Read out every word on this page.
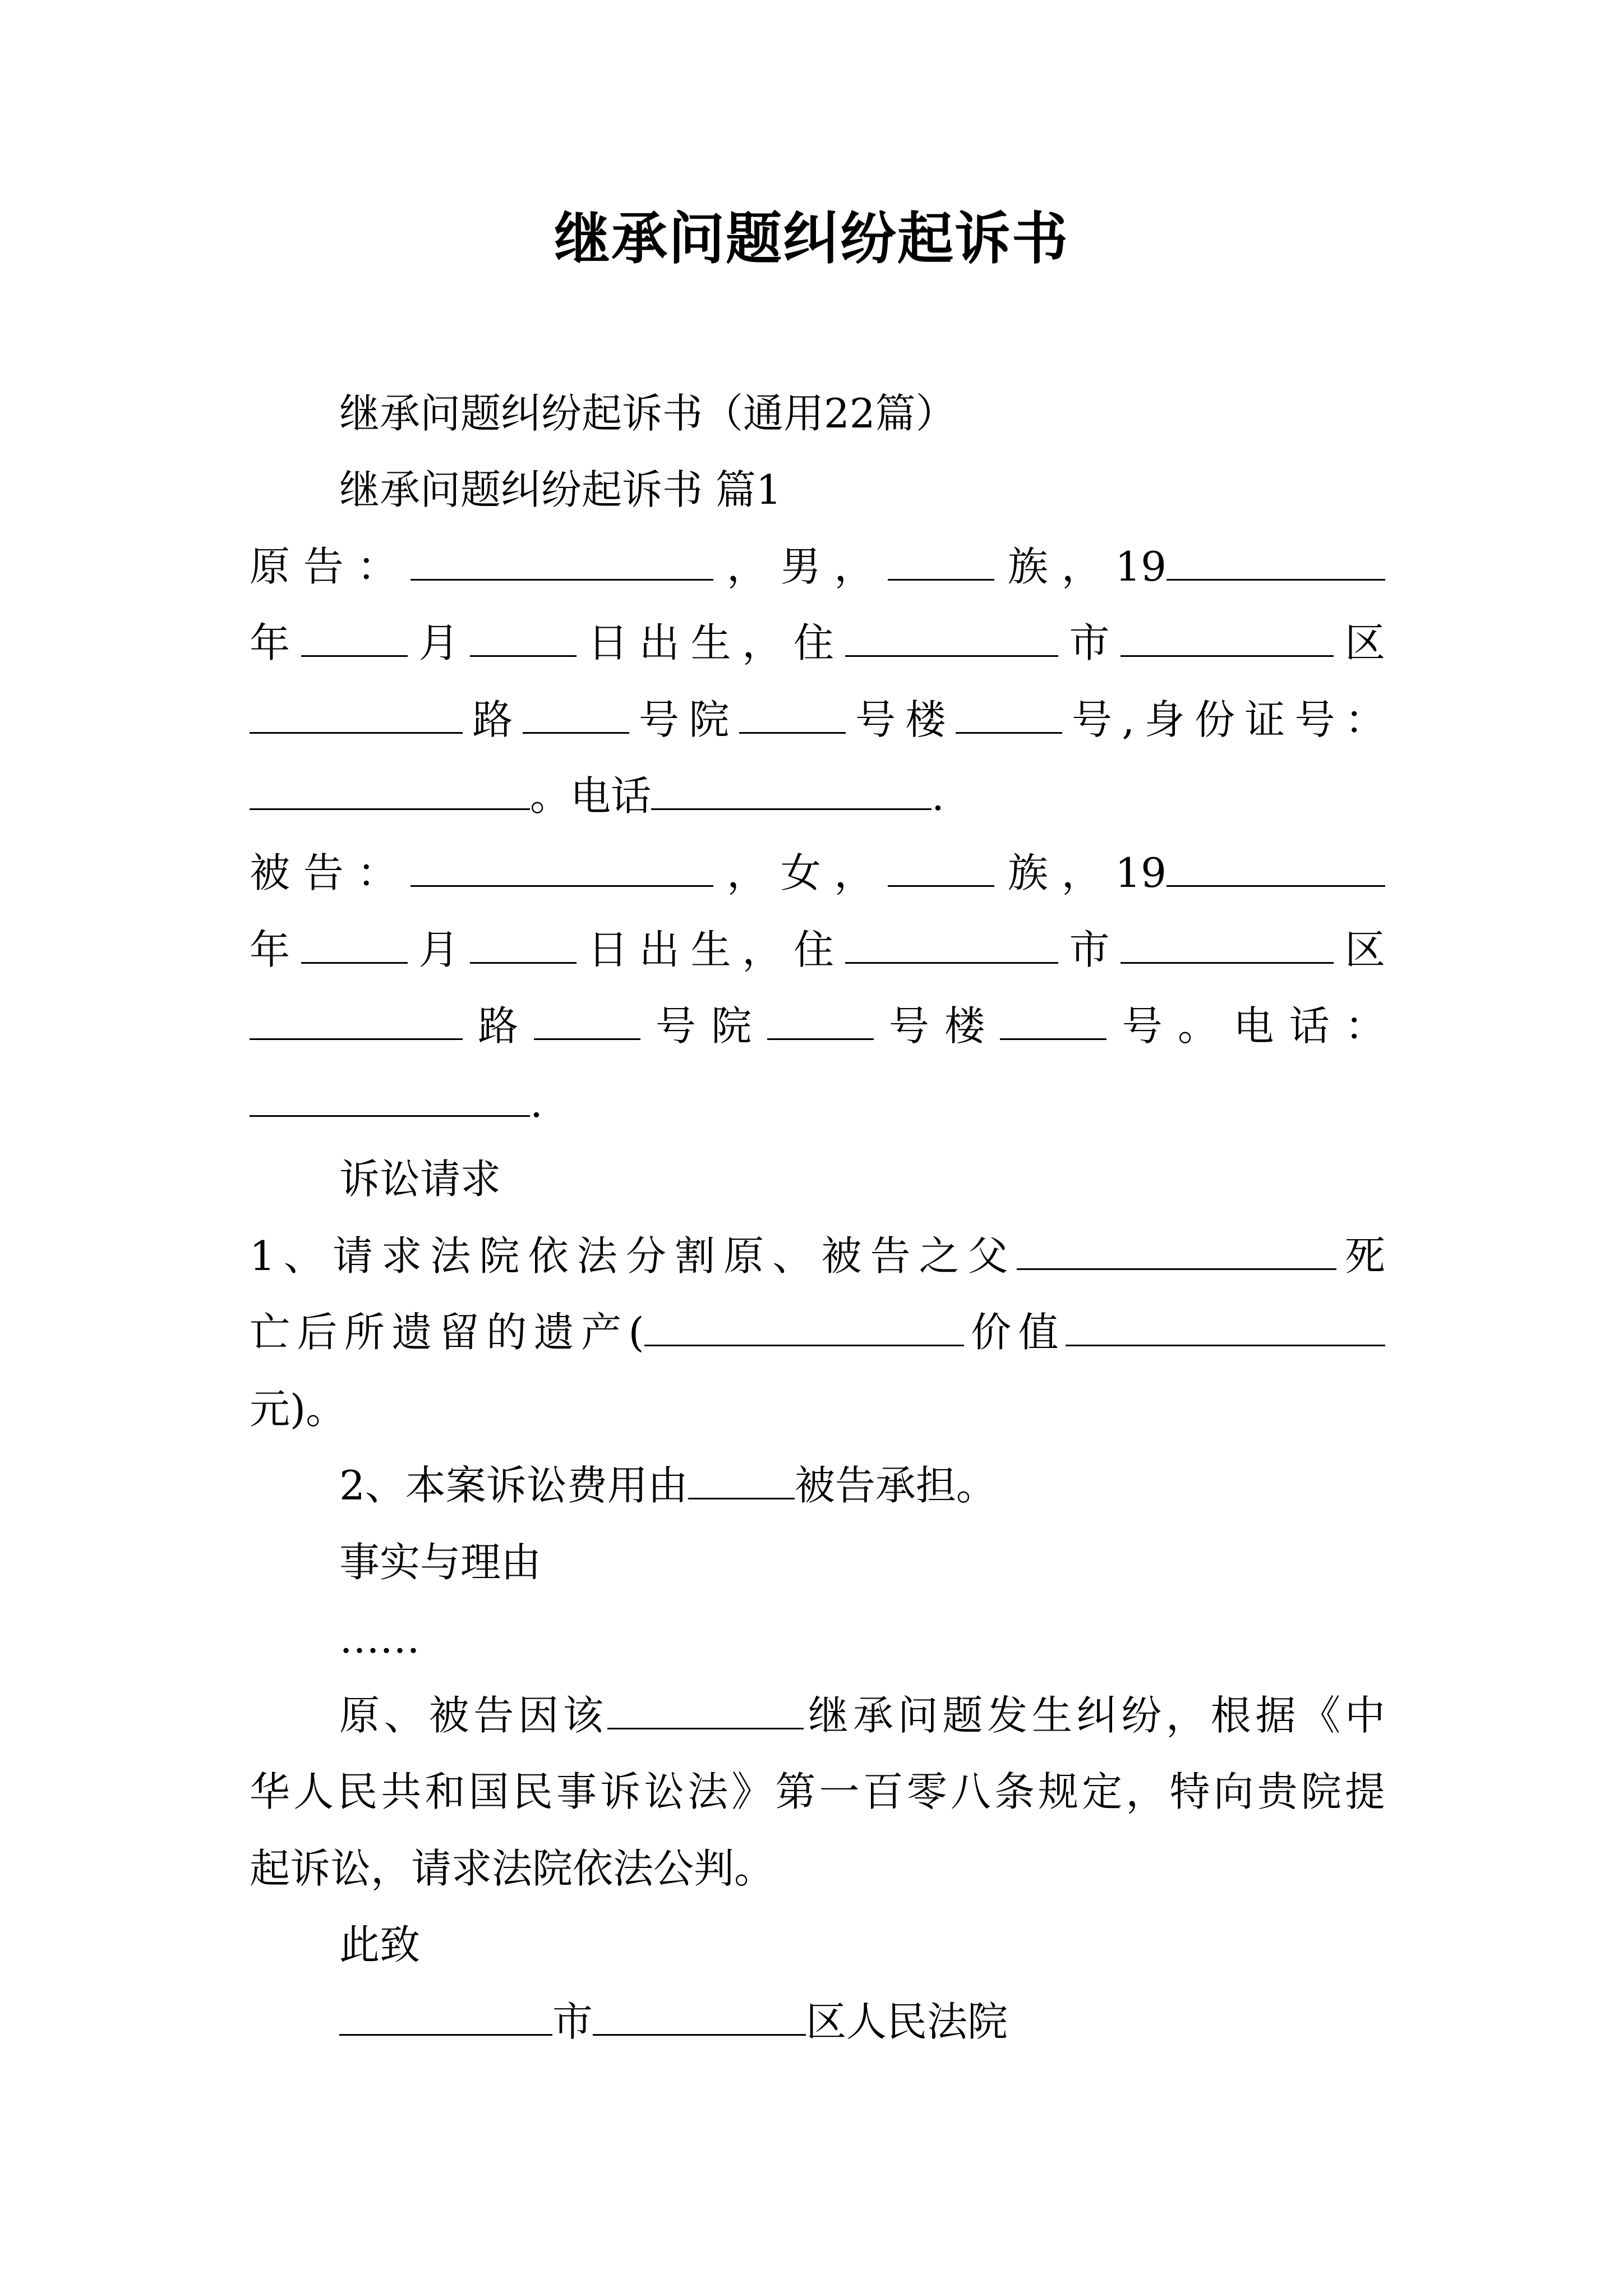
继承问题纠纷起诉书
继承问题纠纷起诉书（通用22篇）
继承问题纠纷起诉书 篇1
原告：	，男，	族，19
年	月	日出生，住	市	区
路	号院	号楼	号,身份证号：
。电话	.
被告：	，女，	族，19
年	月	日出生，住	市	区
路	号院	号楼	号。电话：
.
诉讼请求
1、请求法院依法分割原、被告之父	死
亡后所遗留的遗产(	价值
元)。
2、本案诉讼费用由	被告承担。
事实与理由
……
原、被告因该	继承问题发生纠纷，根据《中
华人民共和国民事诉讼法》第一百零八条规定，特向贵院提
起诉讼，请求法院依法公判。
此致
市	区人民法院
